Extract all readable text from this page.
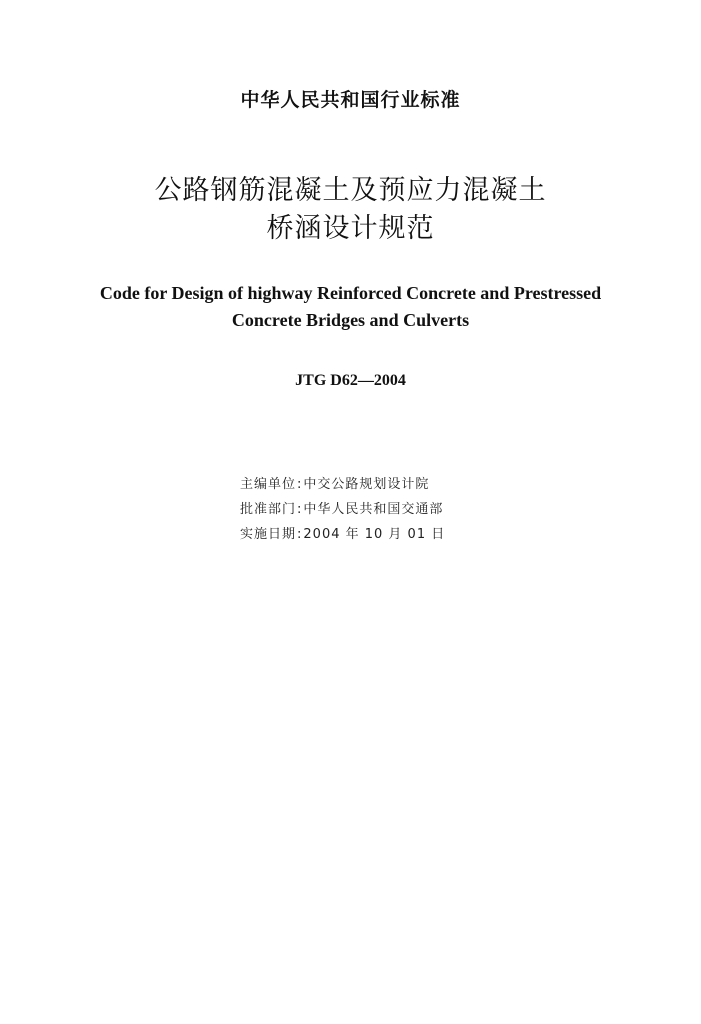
中华人民共和国行业标准
公路钢筋混凝土及预应力混凝土
桥涵设计规范
Code for Design of highway Reinforced Concrete and Prestressed
Concrete Bridges and Culverts
JTG D62—2004
主编单位 : 中交公路规划设计院
批准部门 : 中华人民共和国交通部
实施日期 : 2004 年 10 月 01 日
